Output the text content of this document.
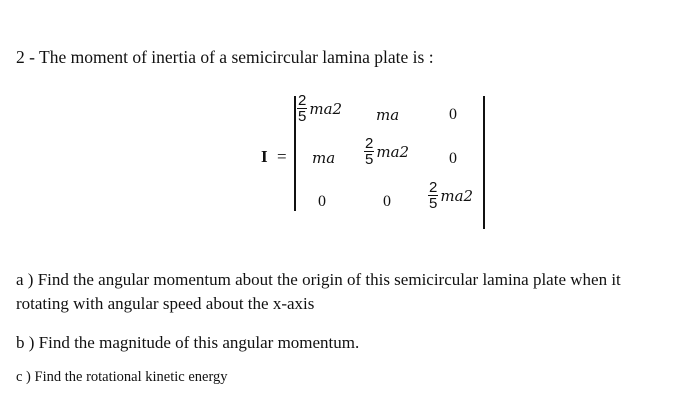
2 - The moment of inertia of a semicircular lamina plate is :
I =
$\frac{2}{5} ma2$ ma	0
ma $\frac{2}{5} ma2$ 0
0	$0 \frac{2}{5} ma2$
a ) Find the angular momentum about the origin of this semicircular lamina plate when it
rotating with angular speed about the x-axis
b ) Find the magnitude of this angular momentum.
c ) Find the rotational kinetic energy
